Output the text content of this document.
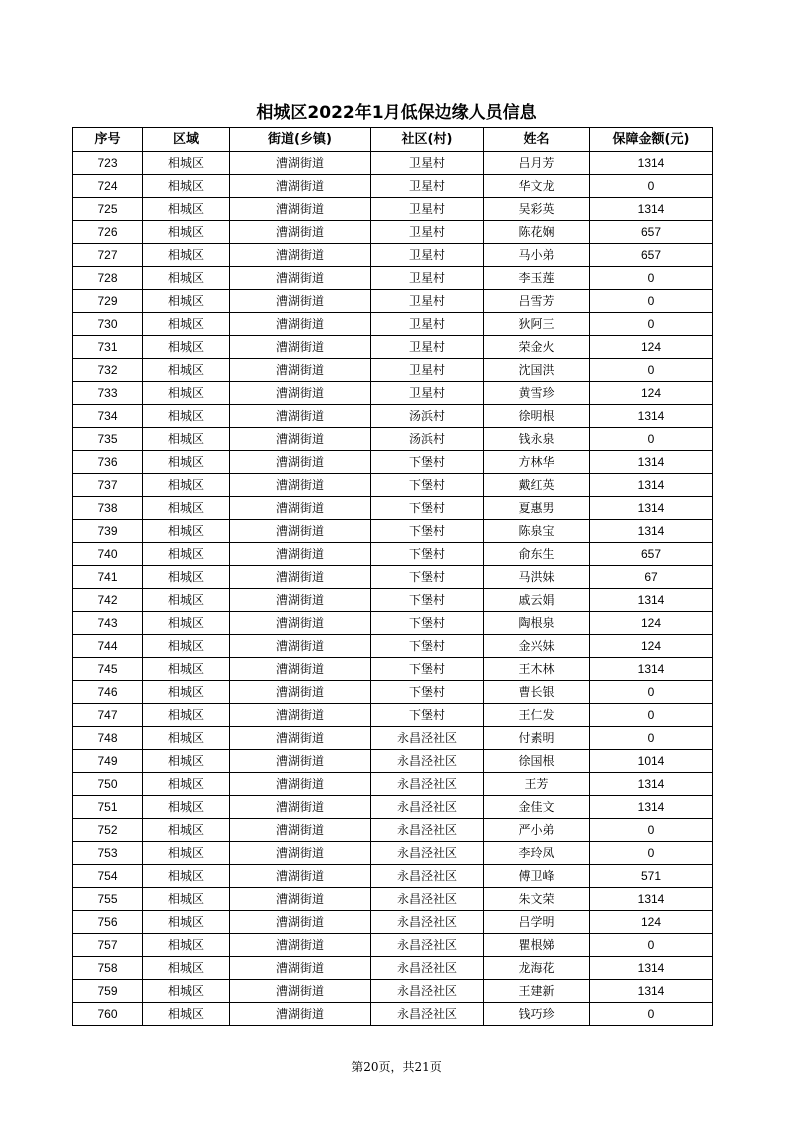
相城区2022年1月低保边缘人员信息
序号	区域	街道(乡镇)	社区(村)	姓名	保障金额(元)
723	相城区	漕湖街道	卫星村	吕月芳	1314
724	相城区	漕湖街道	卫星村	华文龙	0
725	相城区	漕湖街道	卫星村	吴彩英	1314
726	相城区	漕湖街道	卫星村	陈花娴	657
727	相城区	漕湖街道	卫星村	马小弟	657
728	相城区	漕湖街道	卫星村	李玉莲	0
729	相城区	漕湖街道	卫星村	吕雪芳	0
730	相城区	漕湖街道	卫星村	狄阿三	0
731	相城区	漕湖街道	卫星村	荣金火	124
732	相城区	漕湖街道	卫星村	沈国洪	0
733	相城区	漕湖街道	卫星村	黄雪珍	124
734	相城区	漕湖街道	汤浜村	徐明根	1314
735	相城区	漕湖街道	汤浜村	钱永泉	0
736	相城区	漕湖街道	下堡村	方林华	1314
737	相城区	漕湖街道	下堡村	戴红英	1314
738	相城区	漕湖街道	下堡村	夏惠男	1314
739	相城区	漕湖街道	下堡村	陈泉宝	1314
740	相城区	漕湖街道	下堡村	俞东生	657
741	相城区	漕湖街道	下堡村	马洪妹	67
742	相城区	漕湖街道	下堡村	戚云娟	1314
743	相城区	漕湖街道	下堡村	陶根泉	124
744	相城区	漕湖街道	下堡村	金兴妹	124
745	相城区	漕湖街道	下堡村	王木林	1314
746	相城区	漕湖街道	下堡村	曹长银	0
747	相城区	漕湖街道	下堡村	王仁发	0
748	相城区	漕湖街道	永昌泾社区	付素明	0
749	相城区	漕湖街道	永昌泾社区	徐国根	1014
750	相城区	漕湖街道	永昌泾社区	王芳	1314
751	相城区	漕湖街道	永昌泾社区	金佳文	1314
752	相城区	漕湖街道	永昌泾社区	严小弟	0
753	相城区	漕湖街道	永昌泾社区	李玲凤	0
754	相城区	漕湖街道	永昌泾社区	傅卫峰	571
755	相城区	漕湖街道	永昌泾社区	朱文荣	1314
756	相城区	漕湖街道	永昌泾社区	吕学明	124
757	相城区	漕湖街道	永昌泾社区	瞿根娣	0
758	相城区	漕湖街道	永昌泾社区	龙海花	1314
759	相城区	漕湖街道	永昌泾社区	王建新	1314
760	相城区	漕湖街道	永昌泾社区	钱巧珍	0
第20页，共21页
